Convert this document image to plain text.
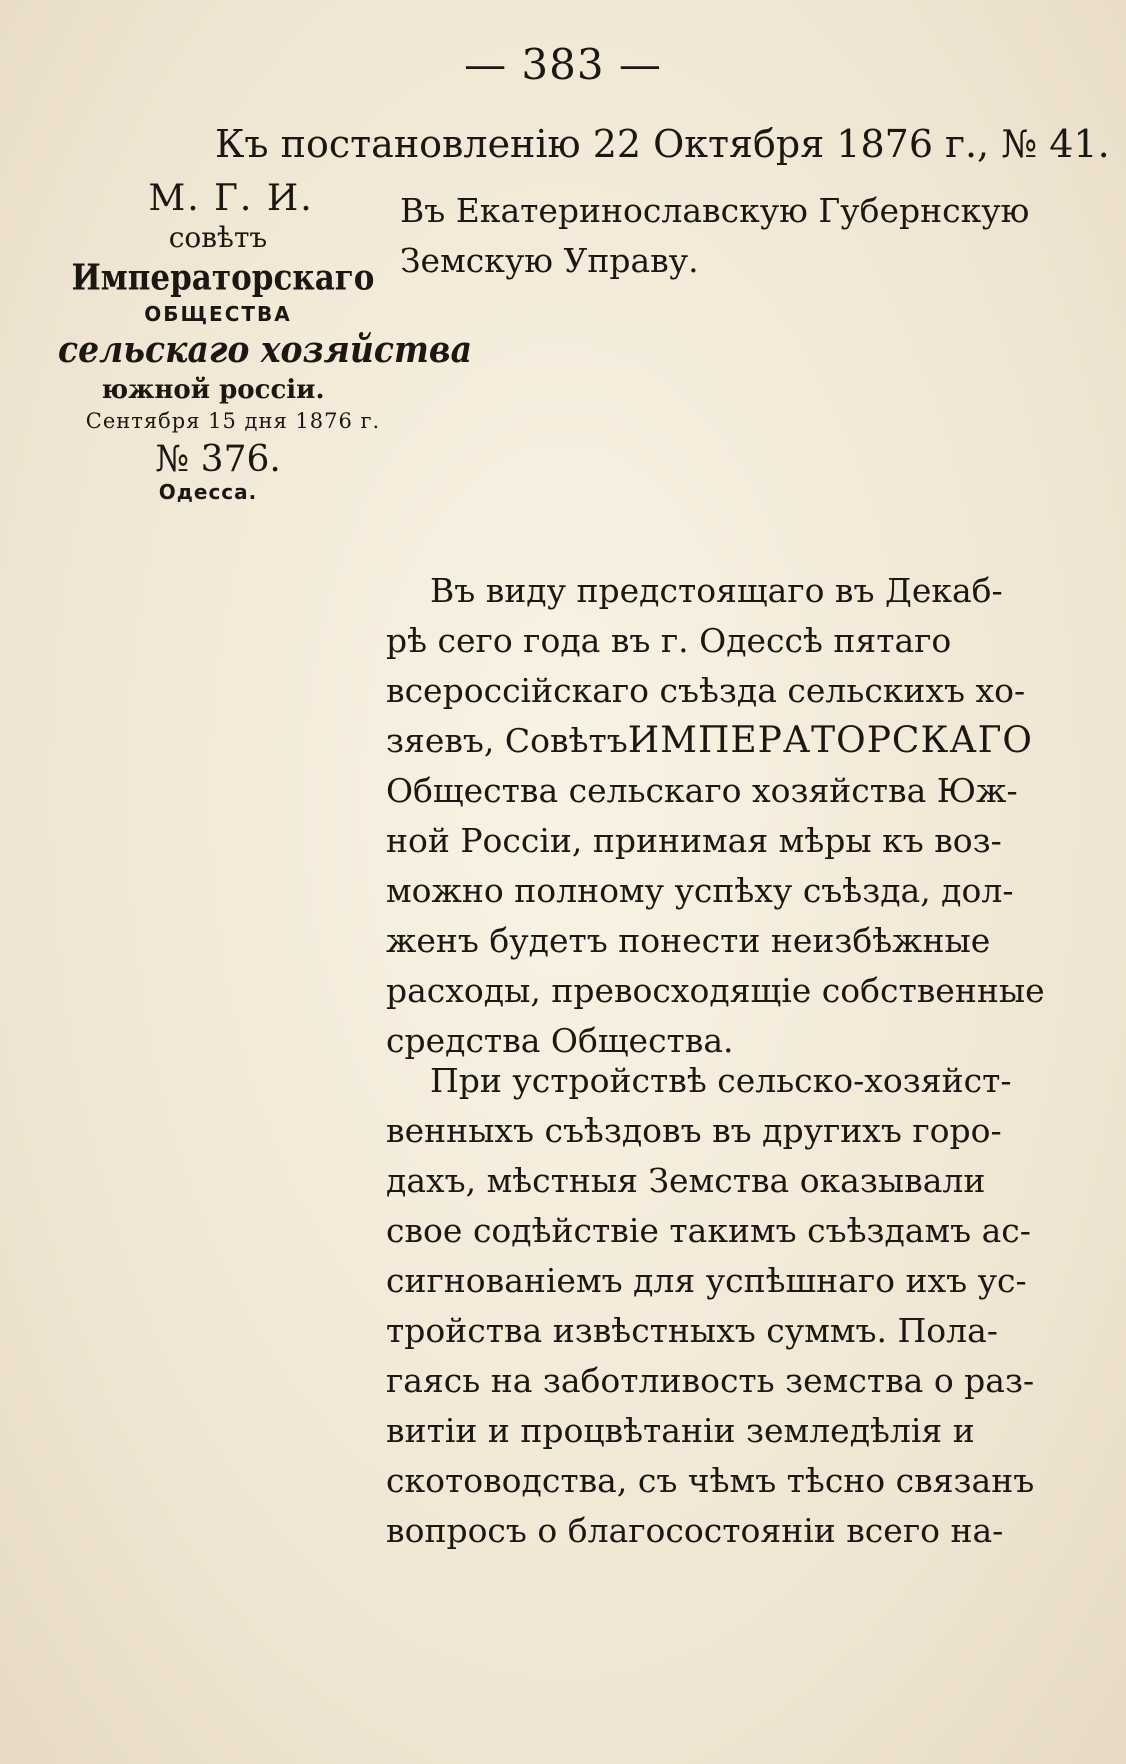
— 383 —
Къ постановленію 22 Октября 1876 г., № 41.
М. Г. И.
совѣтъ
Императорскаго
ОБЩЕСТВА
сельскаго хозяйства
южной россіи.
Сентября 15 дня 1876 г.
№ 376.
Одесса.
Въ Екатеринославскую Губернскую
Земскую Управу.
Въ виду предстоящаго въ Декаб-
рѣ сего года въ г. Одессѣ пятаго
всероссійскаго съѣзда сельскихъ хо-
зяевъ, Совѣтъ ИМПЕРАТОРСКАГО
Общества сельскаго хозяйства Юж-
ной Россіи, принимая мѣры къ воз-
можно полному успѣху съѣзда, дол-
женъ будетъ понести неизбѣжные
расходы, превосходящіе собственные
средства Общества.
При устройствѣ сельско-хозяйст-
венныхъ съѣздовъ въ другихъ горо-
дахъ, мѣстныя Земства оказывали
свое содѣйствіе такимъ съѣздамъ ас-
сигнованіемъ для успѣшнаго ихъ ус-
тройства извѣстныхъ суммъ. Пола-
гаясь на заботливость земства о раз-
витіи и процвѣтаніи земледѣлія и
скотоводства, съ чѣмъ тѣсно связанъ
вопросъ о благосостояніи всего на-
